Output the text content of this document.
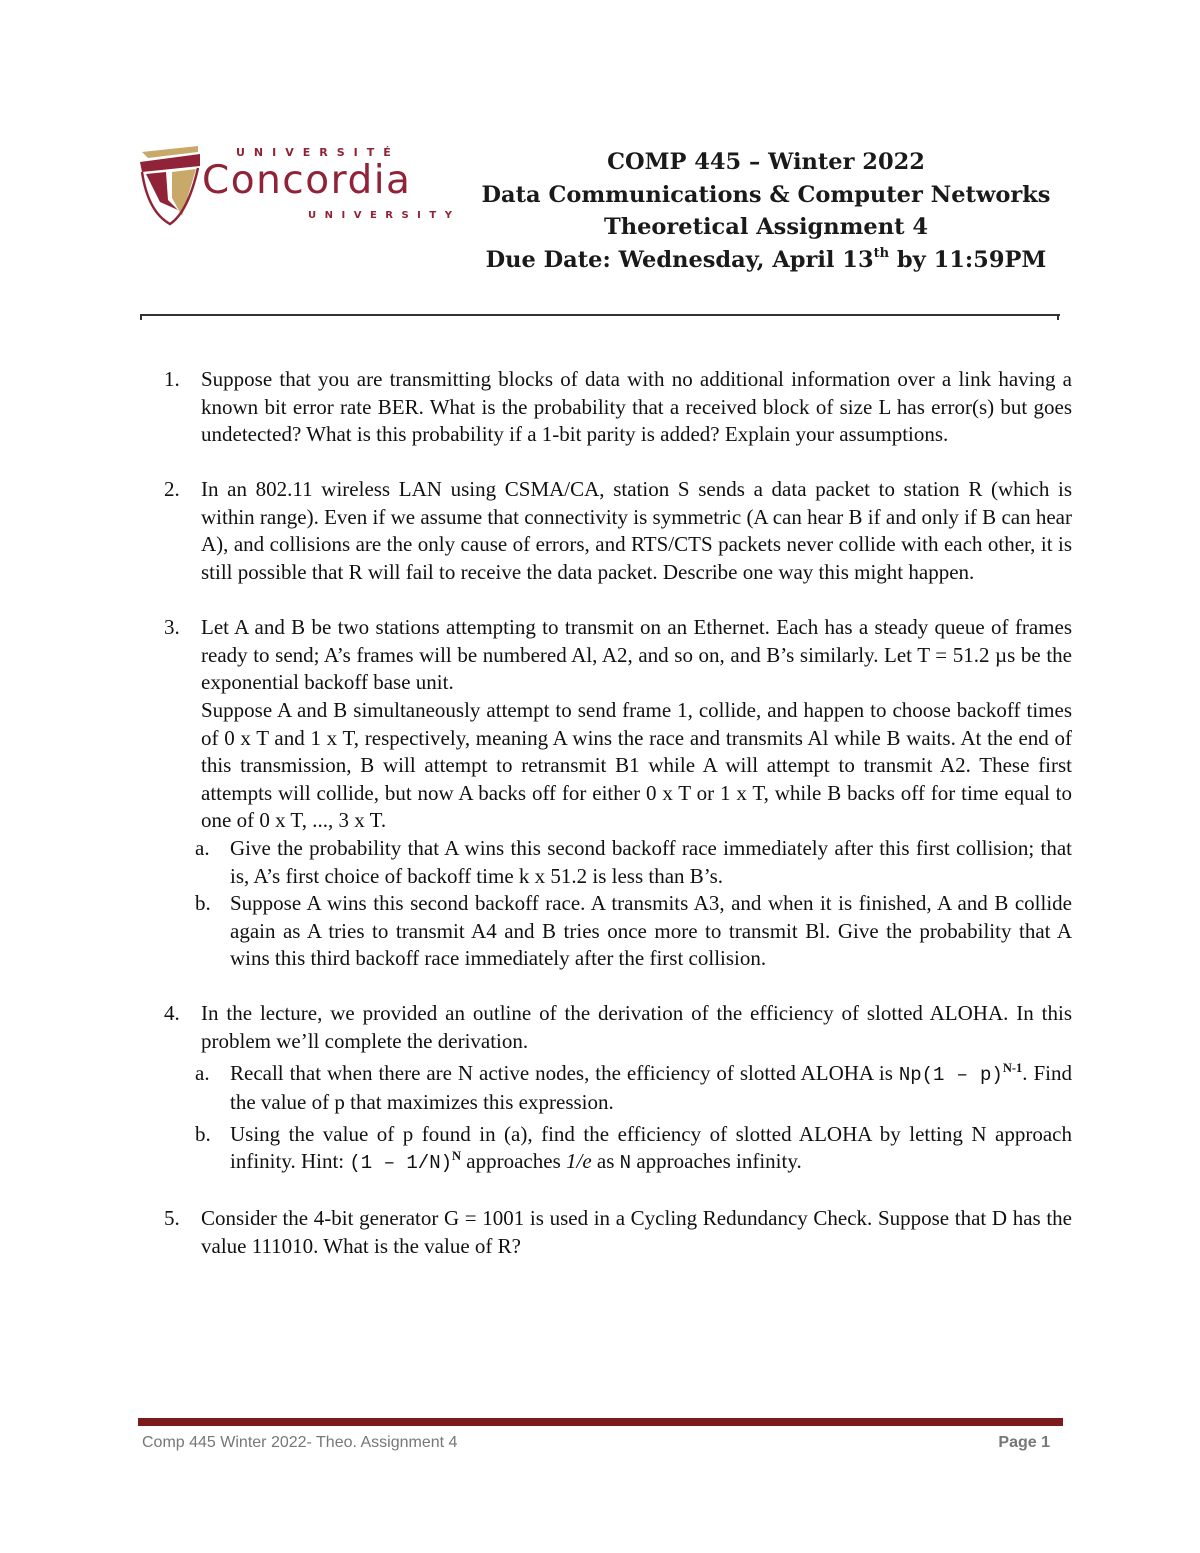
UNIVERSITÉ
Concordia
UNIVERSITY
COMP 445 – Winter 2022
Data Communications & Computer Networks
Theoretical Assignment 4
Due Date: Wednesday, April 13th by 11:59PM
1. Suppose that you are transmitting blocks of data with no additional information over a link having a known bit error rate BER. What is the probability that a received block of size L has error(s) but goes undetected? What is this probability if a 1-bit parity is added? Explain your assumptions.

2. In an 802.11 wireless LAN using CSMA/CA, station S sends a data packet to station R (which is within range). Even if we assume that connectivity is symmetric (A can hear B if and only if B can hear A), and collisions are the only cause of errors, and RTS/CTS packets never collide with each other, it is still possible that R will fail to receive the data packet. Describe one way this might happen.

3. Let A and B be two stations attempting to transmit on an Ethernet. Each has a steady queue of frames ready to send; A’s frames will be numbered Al, A2, and so on, and B’s similarly. Let T = 51.2 µs be the exponential backoff base unit.

Suppose A and B simultaneously attempt to send frame 1, collide, and happen to choose backoff times of 0 x T and 1 x T, respectively, meaning A wins the race and transmits Al while B waits. At the end of this transmission, B will attempt to retransmit B1 while A will attempt to transmit A2. These first attempts will collide, but now A backs off for either 0 x T or 1 x T, while B backs off for time equal to one of 0 x T, ..., 3 x T.

a. Give the probability that A wins this second backoff race immediately after this first collision; that is, A’s first choice of backoff time k x 51.2 is less than B’s.

b. Suppose A wins this second backoff race. A transmits A3, and when it is finished, A and B collide again as A tries to transmit A4 and B tries once more to transmit Bl. Give the probability that A wins this third backoff race immediately after the first collision.

4. In the lecture, we provided an outline of the derivation of the efficiency of slotted ALOHA. In this problem we’ll complete the derivation.

a. Recall that when there are N active nodes, the efficiency of slotted ALOHA is Np(1 – p)$^{N-1}$. Find the value of p that maximizes this expression.

b. Using the value of p found in (a), find the efficiency of slotted ALOHA by letting N approach infinity. Hint: (1 – 1/N)$^N$ approaches 1/e as N approaches infinity.

5. Consider the 4-bit generator G = 1001 is used in a Cycling Redundancy Check. Suppose that D has the value 111010. What is the value of R?

Comp 445 Winter 2022- Theo. Assignment 4	Page 1
